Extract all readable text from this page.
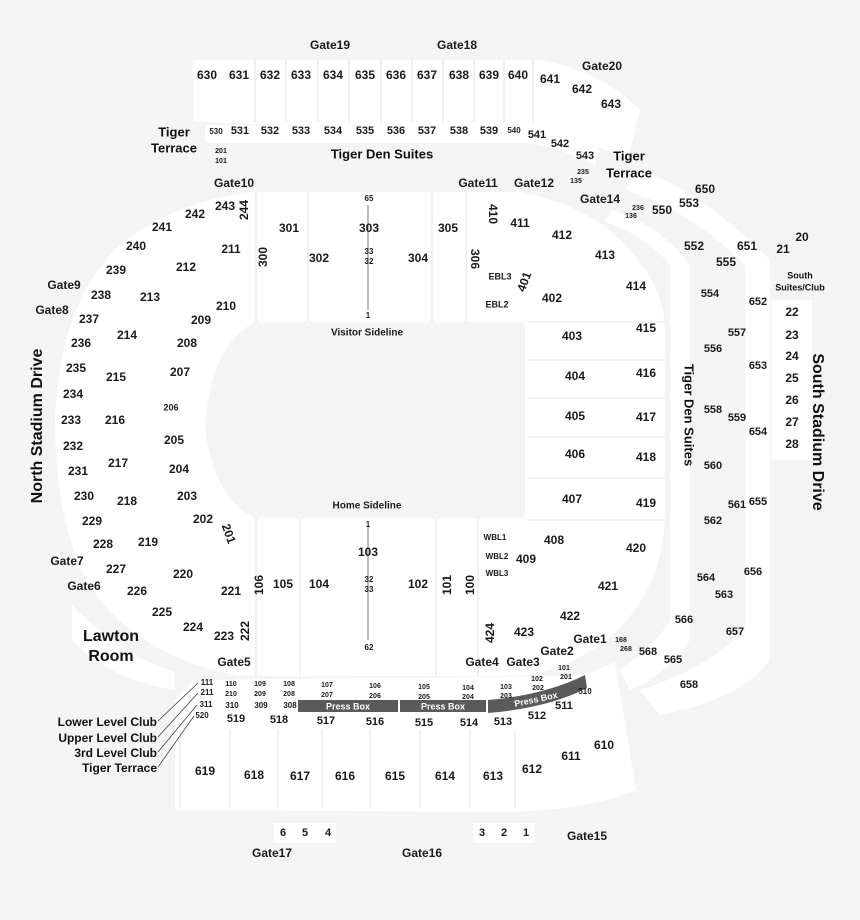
Press Box	Press Box	Press Box
1
33
32
65
1
32
33
62
Visitor Sideline
Home Sideline
Tiger Den Suites
Tiger Den Suites
Tiger
Terrace
Tiger
Terrace
South
Suites/Club
Lawton
Room
North Stadium Drive	South Stadium Drive
Lower Level Club
Upper Level Club
3rd Level Club
Tiger Terrace
630 631 632 633 634 635 636 637 638 639 640 641
642
643
530 531 532 533 534 535 536 537 538 539 540 541
542
543
201
101
235
135
236
136
650
553
550
552
555
651 21
20
554
652
557
556
653
558
559
654
560
561 655
562
656
564
563
566
657
568
565
658
168
268
22
23
24
25
26
27
28
243 244
242
241
240
239
238
237
236
235
234
233
232
231
230
229
228
227
226
225
224
223 222
211
212
213
214
215
216
217
218
219
220
221
210
209
208
207
206
205
204
203
202
201
300
301
302
303
304
305
306
410 411
412
413
414
415
416
417
418
419
420
421
422
423
424
401
402
403
404
405
406
407
408
409
EBL3
EBL2
WBL1
WBL2
WBL3
106 105 104
103
102 101 100
111 110	109 108	107	106	105	104	103
102
101
211 210 209 208	207	206	205	204	203
202
201
311 310 309 308
520 519 518	517	516	515 514 513 512
511
510
619 618 617 616 615 614 613 612
611
610
6 5 4	3 2 1
Gate19	Gate18
Gate20
Gate10	Gate11 Gate12
Gate14
Gate9
Gate8
Gate7
Gate6
Gate5	Gate4 Gate3
Gate2
Gate1
Gate15
Gate17	Gate16
